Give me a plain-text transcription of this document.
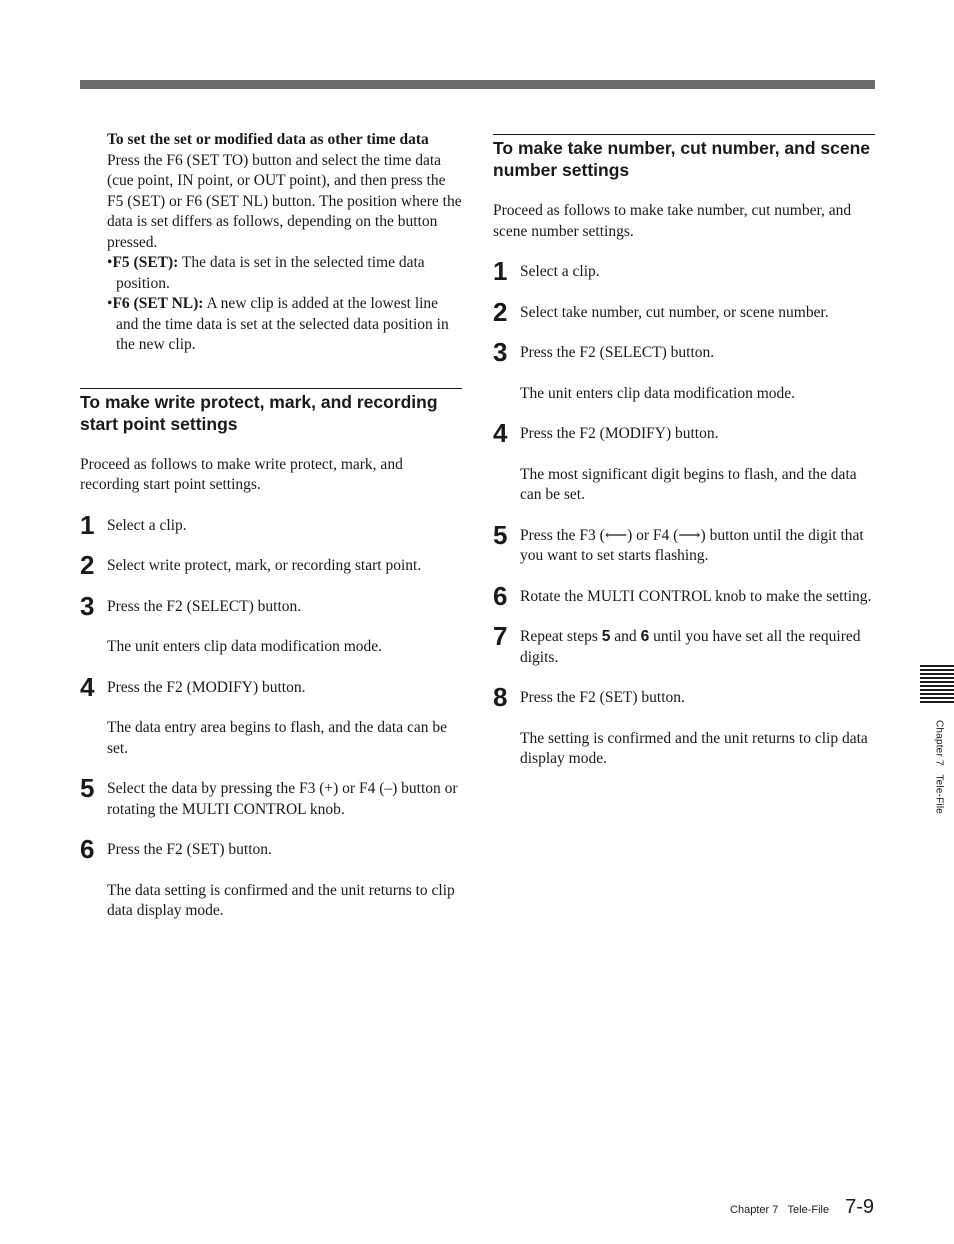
To set the set or modified data as other time data
Press the F6 (SET TO) button and select the time data (cue point, IN point, or OUT point), and then press the F5 (SET) or F6 (SET NL) button. The position where the data is set differs as follows, depending on the button pressed.
•F5 (SET): The data is set in the selected time data position.
•F6 (SET NL): A new clip is added at the lowest line and the time data is set at the selected data position in the new clip.
To make write protect, mark, and recording start point settings
Proceed as follows to make write protect, mark, and recording start point settings.
1 Select a clip.
2 Select write protect, mark, or recording start point.
3 Press the F2 (SELECT) button.
The unit enters clip data modification mode.
4 Press the F2 (MODIFY) button.
The data entry area begins to flash, and the data can be set.
5 Select the data by pressing the F3 (+) or F4 (–) button or rotating the MULTI CONTROL knob.
6 Press the F2 (SET) button.
The data setting is confirmed and the unit returns to clip data display mode.
To make take number, cut number, and scene number settings
Proceed as follows to make take number, cut number, and scene number settings.
1 Select a clip.
2 Select take number, cut number, or scene number.
3 Press the F2 (SELECT) button.
The unit enters clip data modification mode.
4 Press the F2 (MODIFY) button.
The most significant digit begins to flash, and the data can be set.
5 Press the F3 (⟵) or F4 (⟶) button until the digit that you want to set starts flashing.
6 Rotate the MULTI CONTROL knob to make the setting.
7 Repeat steps 5 and 6 until you have set all the required digits.
8 Press the F2 (SET) button.
The setting is confirmed and the unit returns to clip data display mode.	Chapter 7   Tele-File
Chapter 7 Tele-File 7-9
